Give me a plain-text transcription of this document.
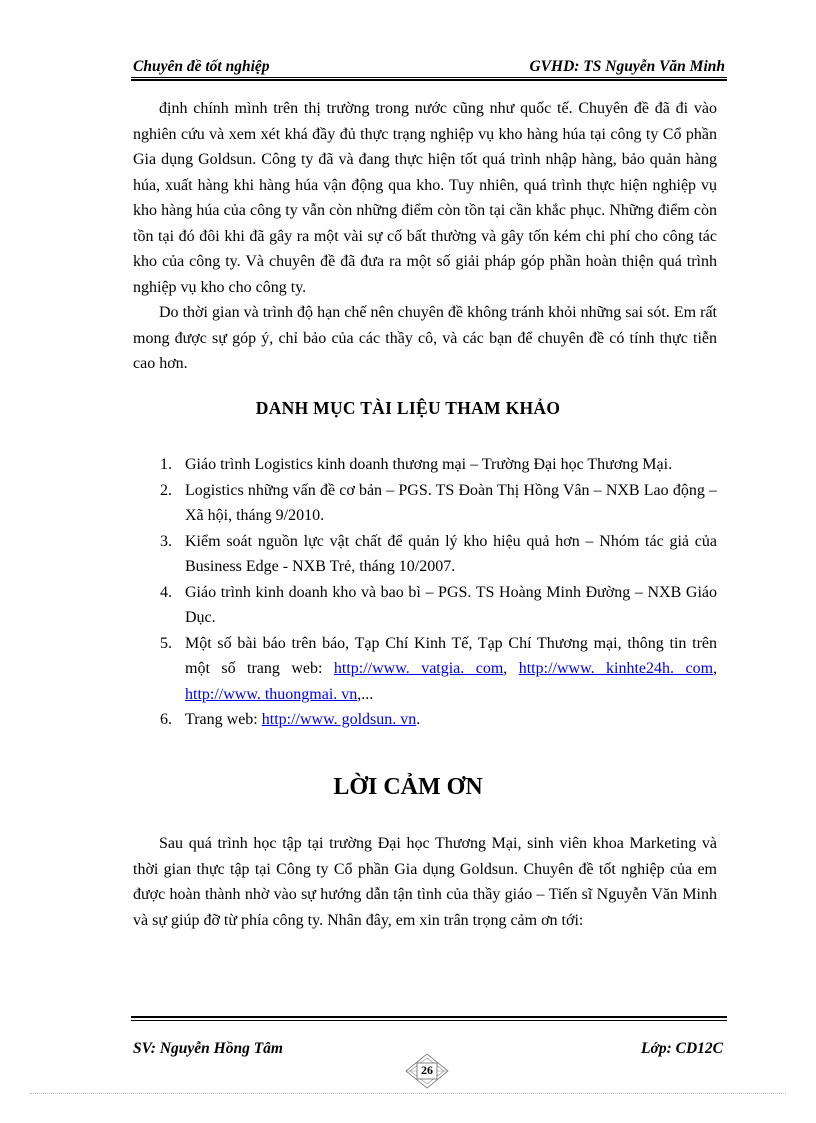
Chuyên đề tốt nghiệp	GVHD: TS Nguyễn Văn Minh

định chính mình trên thị trường trong nước cũng như quốc tế. Chuyên đề đã đi vào nghiên cứu và xem xét khá đầy đủ thực trạng nghiệp vụ kho hàng húa tại công ty Cổ phần Gia dụng Goldsun. Công ty đã và đang thực hiện tốt quá trình nhập hàng, bảo quản hàng húa, xuất hàng khi hàng húa vận động qua kho. Tuy nhiên, quá trình thực hiện nghiệp vụ kho hàng húa của công ty vẫn còn những điểm còn tồn tại cần khắc phục. Những điểm còn tồn tại đó đôi khi đã gây ra một vài sự cố bất thường và gây tốn kém chi phí cho công tác kho của công ty. Và chuyên đề đã đưa ra một số giải pháp góp phần hoàn thiện quá trình nghiệp vụ kho cho công ty.

Do thời gian và trình độ hạn chế nên chuyên đề không tránh khỏi những sai sót. Em rất mong được sự góp ý, chỉ bảo của các thầy cô, và các bạn để chuyên đề có tính thực tiễn cao hơn.

DANH MỤC TÀI LIỆU THAM KHẢO
1. Giáo trình Logistics kinh doanh thương mại – Trường Đại học Thương Mại.
2. Logistics những vấn đề cơ bản – PGS. TS Đoàn Thị Hồng Vân – NXB Lao động – Xã hội, tháng 9/2010.
3. Kiểm soát nguồn lực vật chất để quản lý kho hiệu quả hơn – Nhóm tác giả của Business Edge - NXB Trẻ, tháng 10/2007.
4. Giáo trình kinh doanh kho và bao bì – PGS. TS Hoàng Minh Đường – NXB Giáo Dục.
5. Một số bài báo trên báo, Tạp Chí Kinh Tế, Tạp Chí Thương mại, thông tin trên một số trang web: http://www. vatgia. com, http://www. kinhte24h. com, http://www. thuongmai. vn,...
6. Trang web: http://www. goldsun. vn.
LỜI CẢM ƠN

Sau quá trình học tập tại trường Đại học Thương Mại, sinh viên khoa Marketing và thời gian thực tập tại Công ty Cổ phần Gia dụng Goldsun. Chuyên đề tốt nghiệp của em được hoàn thành nhờ vào sự hướng dẫn tận tình của thầy giáo – Tiến sĩ Nguyễn Văn Minh và sự giúp đỡ từ phía công ty. Nhân đây, em xin trân trọng cảm ơn tới:

SV: Nguyễn Hồng Tâm	Lớp: CD12C
26
